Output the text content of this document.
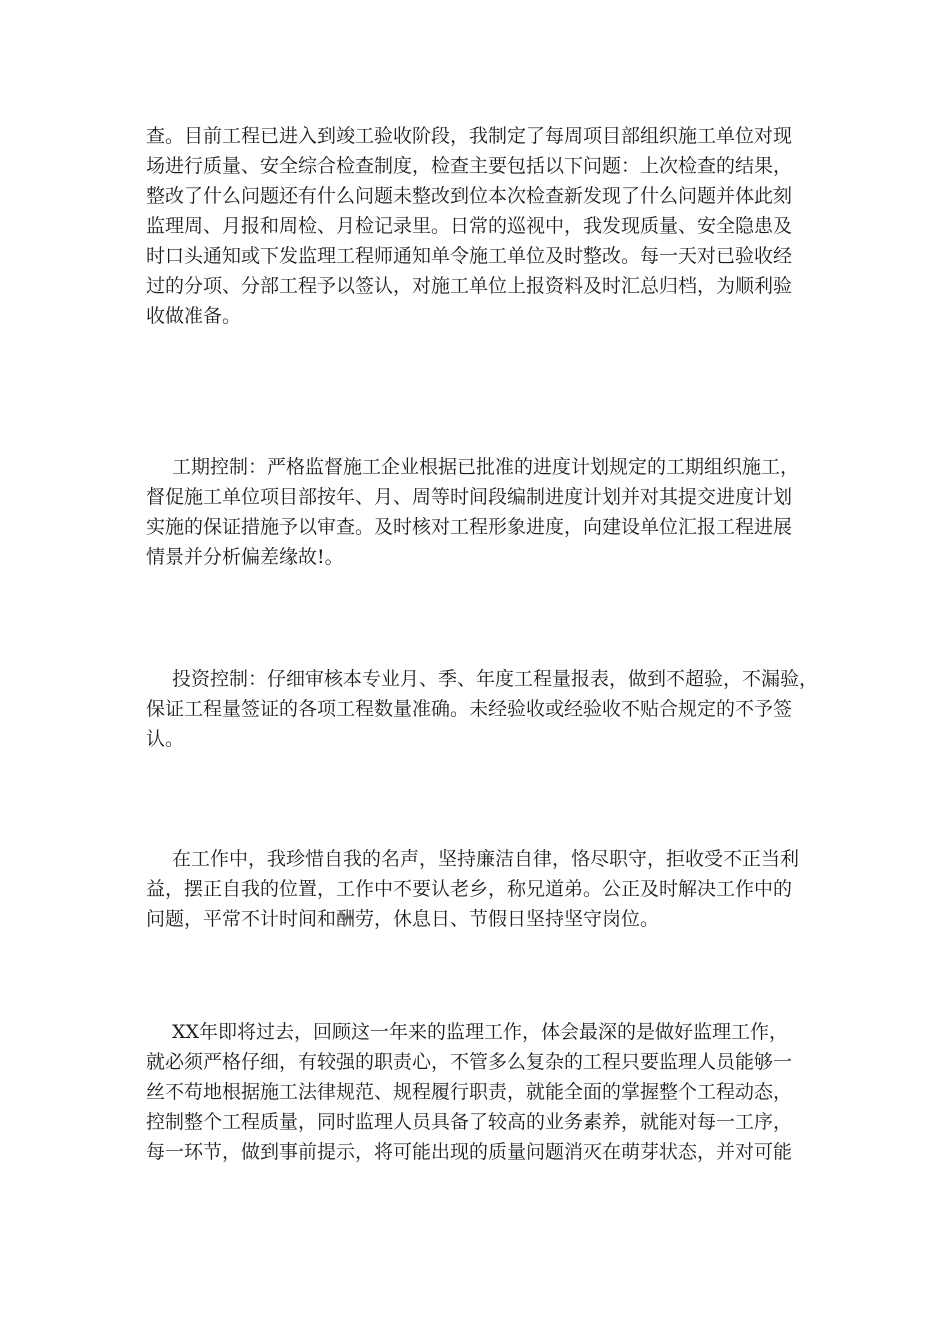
查。目前工程已进入到竣工验收阶段，我制定了每周项目部组织施工单位对现
场进行质量、安全综合检查制度，检查主要包括以下问题：上次检查的结果，
整改了什么问题还有什么问题未整改到位本次检查新发现了什么问题并体此刻
监理周、月报和周检、月检记录里。日常的巡视中，我发现质量、安全隐患及
时口头通知或下发监理工程师通知单令施工单位及时整改。每一天对已验收经
过的分项、分部工程予以签认，对施工单位上报资料及时汇总归档，为顺利验
收做准备。
工期控制：严格监督施工企业根据已批准的进度计划规定的工期组织施工，
督促施工单位项目部按年、月、周等时间段编制进度计划并对其提交进度计划
实施的保证措施予以审查。及时核对工程形象进度，向建设单位汇报工程进展
情景并分析偏差缘故!。
投资控制：仔细审核本专业月、季、年度工程量报表，做到不超验，不漏验，
保证工程量签证的各项工程数量准确。未经验收或经验收不贴合规定的不予签
认。
在工作中，我珍惜自我的名声，坚持廉洁自律，恪尽职守，拒收受不正当利
益，摆正自我的位置，工作中不要认老乡，称兄道弟。公正及时解决工作中的
问题，平常不计时间和酬劳，休息日、节假日坚持坚守岗位。
XX年即将过去，回顾这一年来的监理工作，体会最深的是做好监理工作，
就必须严格仔细，有较强的职责心，不管多么复杂的工程只要监理人员能够一
丝不苟地根据施工法律规范、规程履行职责，就能全面的掌握整个工程动态，
控制整个工程质量，同时监理人员具备了较高的业务素养，就能对每一工序，
每一环节，做到事前提示，将可能出现的质量问题消灭在萌芽状态，并对可能
